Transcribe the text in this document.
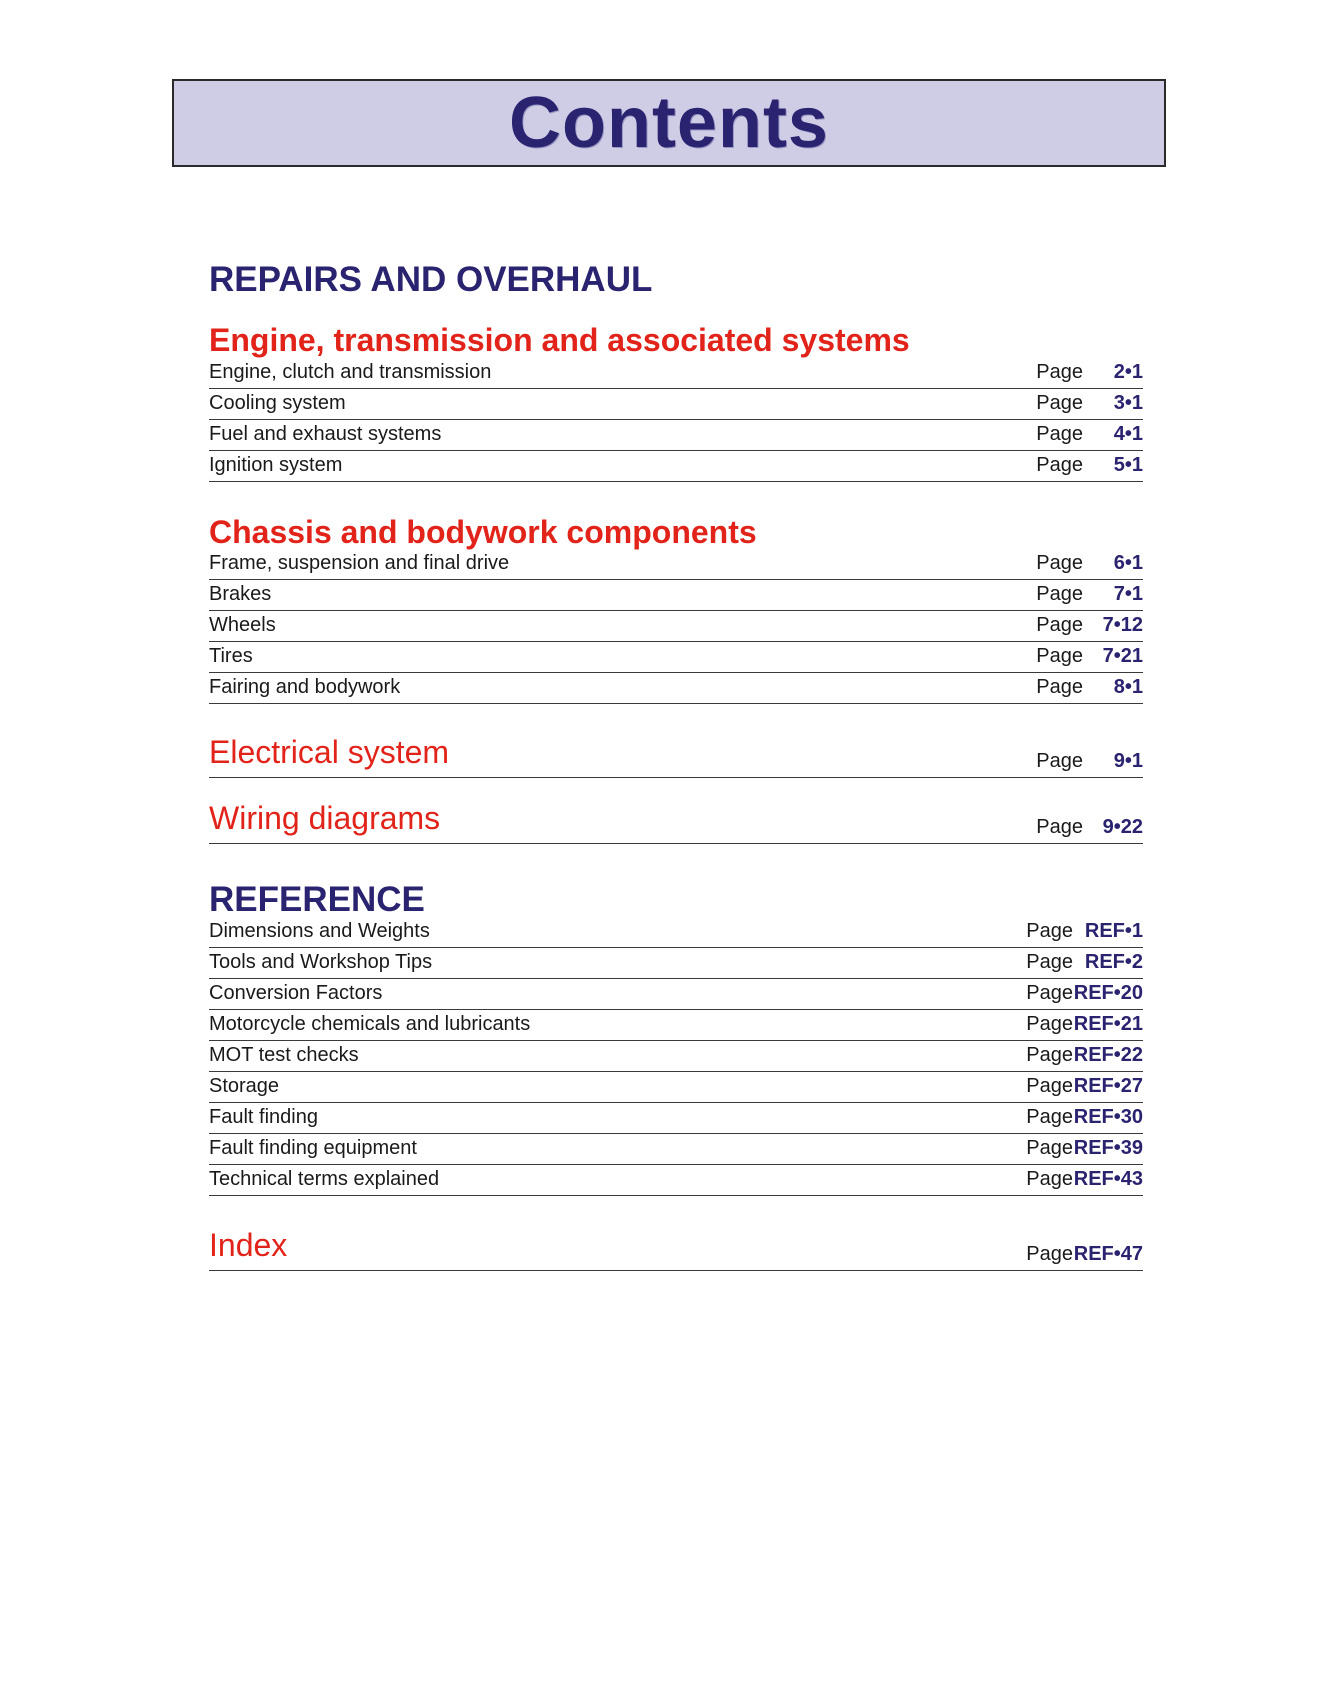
Contents
REPAIRS AND OVERHAUL
Engine, transmission and associated systems
Engine, clutch and transmission	Page	2•1
Cooling system	Page	3•1
Fuel and exhaust systems	Page	4•1
Ignition system	Page	5•1
Chassis and bodywork components
Frame, suspension and final drive	Page	6•1
Brakes	Page	7•1
Wheels	Page 7•12
Tires	Page 7•21
Fairing and bodywork	Page	8•1
Electrical system	Page	9•1
Wiring diagrams	Page 9•22
REFERENCE
Dimensions and Weights	Page REF•1
Tools and Workshop Tips	Page REF•2
Conversion Factors	Page REF•20
Motorcycle chemicals and lubricants	Page REF•21
MOT test checks	Page REF•22
Storage	Page REF•27
Fault finding	Page REF•30
Fault finding equipment	Page REF•39
Technical terms explained	Page REF•43
Index	Page REF•47
